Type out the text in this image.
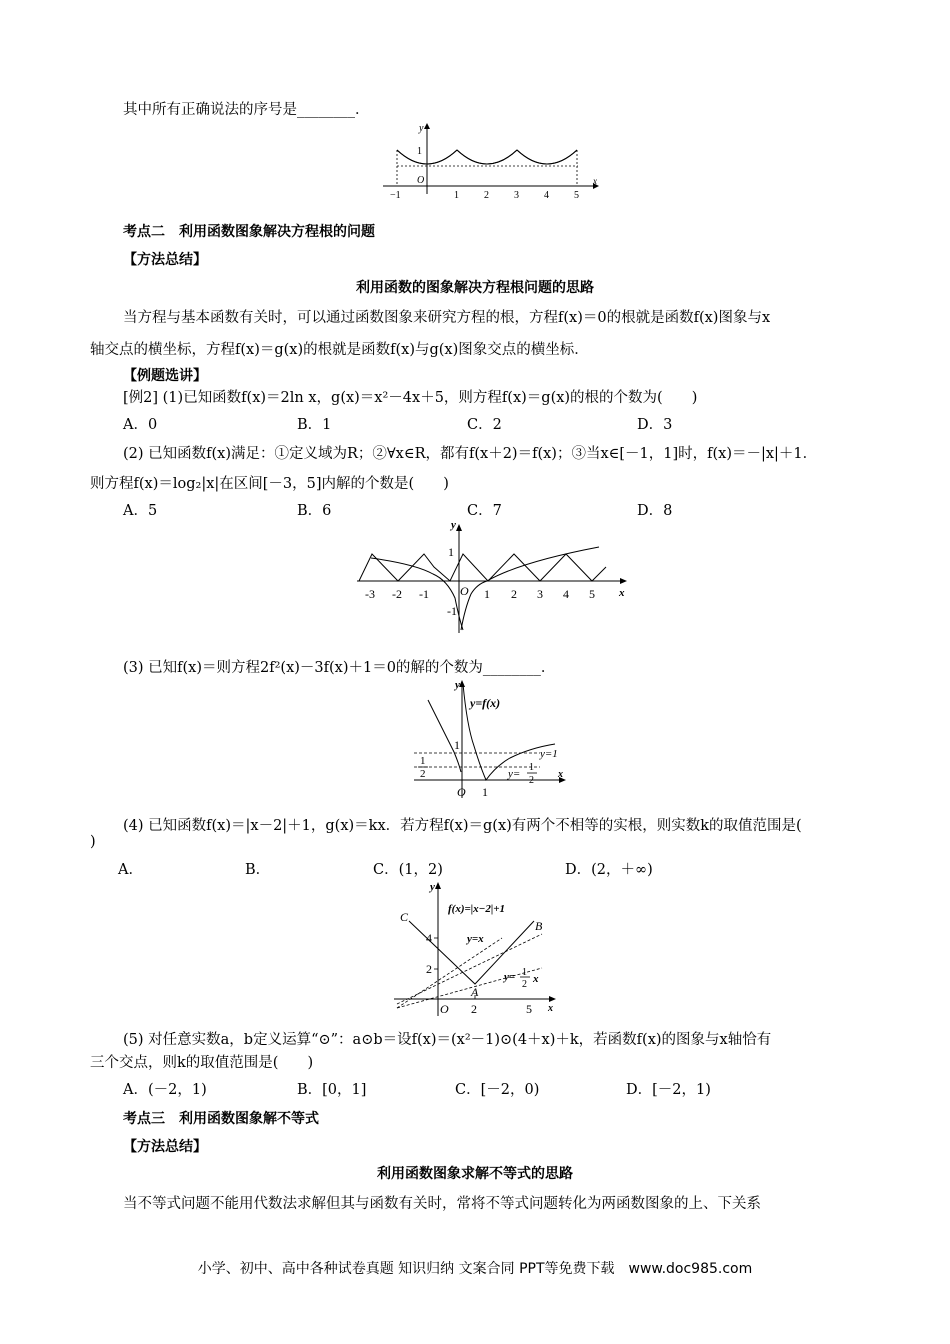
其中所有正确说法的序号是________．
y
1
O	x
−1	1	2	3	4	5
考点二　利用函数图象解决方程根的问题
【方法总结】
利用函数的图象解决方程根问题的思路
当方程与基本函数有关时，可以通过函数图象来研究方程的根，方程f(x)＝0的根就是函数f(x)图象与x
轴交点的横坐标，方程f(x)＝g(x)的根就是函数f(x)与g(x)图象交点的横坐标．
【例题选讲】
[例2] (1)已知函数f(x)＝2ln x，g(x)＝x²－4x＋5，则方程f(x)＝g(x)的根的个数为(　　)
A．0	B．1	C．2	D．3
(2) 已知函数f(x)满足：①定义域为R；②∀x∈R，都有f(x＋2)＝f(x)；③当x∈[－1，1]时，f(x)＝－|x|＋1．
则方程f(x)＝log₂|x|在区间[－3，5]内解的个数是(　　)
A．5	B．6	C．7	D．8
y
1
O
-1
x
-3 -2 -1	1 2 3 4 5
(3) 已知f(x)＝则方程2f²(x)－3f(x)＋1＝0的解的个数为________．
y
y=f(x)
1
1
2
y=1
y=
1
2
O 1
x
(4) 已知函数f(x)＝|x－2|＋1，g(x)＝kx．若方程f(x)＝g(x)有两个不相等的实根，则实数k的取值范围是(
)
A．	B．	C．(1，2)	D．(2，＋∞)
y
C
4
2
f(x)=|x−2|+1
y=x
B
A
y= 1
2 x
O 2	5 x
(5) 对任意实数a，b定义运算“⊙”：a⊙b＝设f(x)＝(x²－1)⊙(4＋x)＋k，若函数f(x)的图象与x轴恰有
三个交点，则k的取值范围是(　　)
A．(－2，1)	B．[0，1]	C．[－2，0)	D．[－2，1)
考点三　利用函数图象解不等式
【方法总结】
利用函数图象求解不等式的思路
当不等式问题不能用代数法求解但其与函数有关时，常将不等式问题转化为两函数图象的上、下关系
小学、初中、高中各种试卷真题 知识归纳 文案合同 PPT等免费下载　www.doc985.com
